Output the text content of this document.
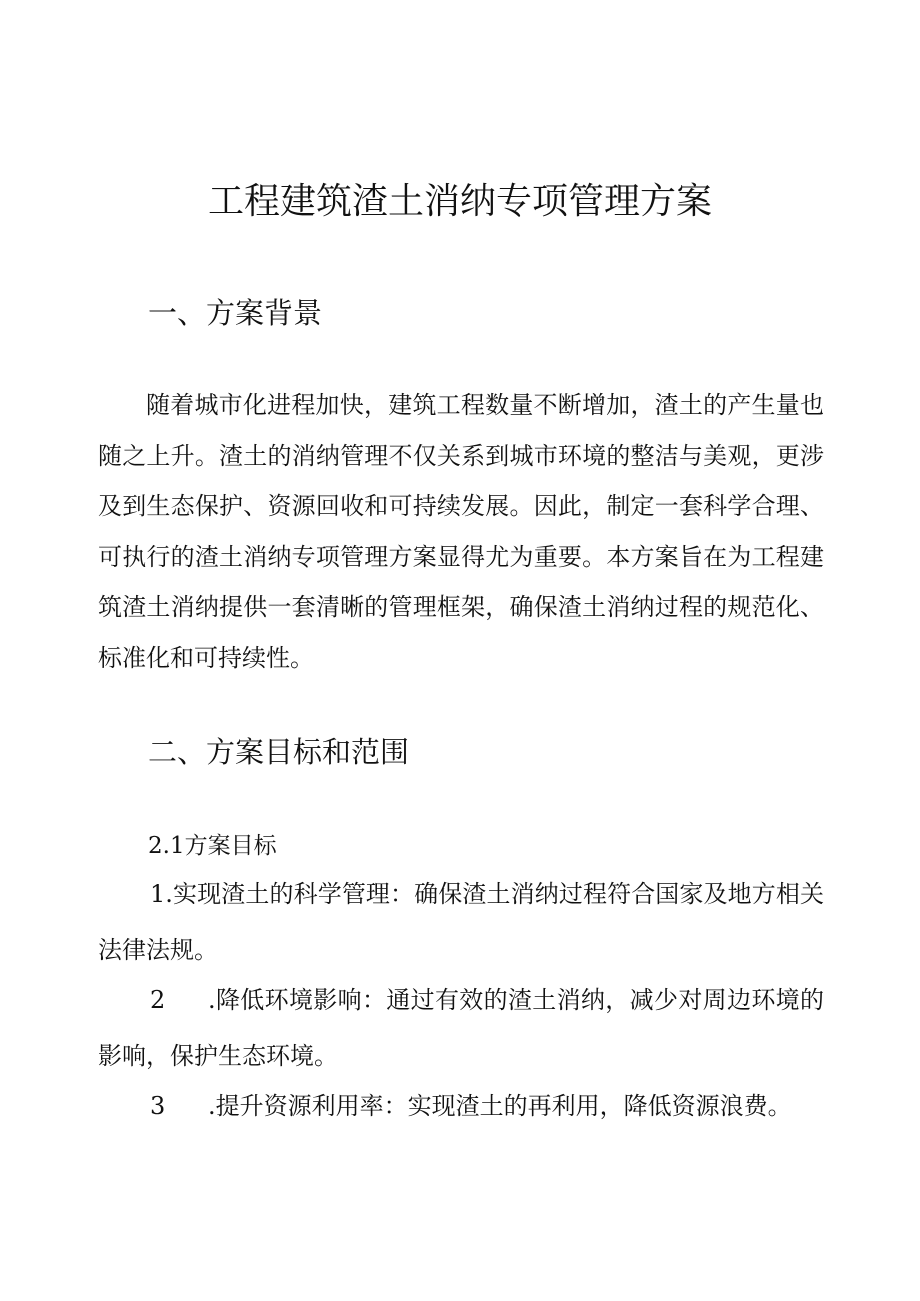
工程建筑渣土消纳专项管理方案
一、方案背景

随着城市化进程加快，建筑工程数量不断增加，渣土的产生量也随之上升。渣土的消纳管理不仅关系到城市环境的整洁与美观，更涉及到生态保护、资源回收和可持续发展。因此，制定一套科学合理、可执行的渣土消纳专项管理方案显得尤为重要。本方案旨在为工程建筑渣土消纳提供一套清晰的管理框架，确保渣土消纳过程的规范化、标准化和可持续性。

二、方案目标和范围

2.1方案目标

1.实现渣土的科学管理：确保渣土消纳过程符合国家及地方相关法律法规。

2 .降低环境影响：通过有效的渣土消纳，减少对周边环境的影响，保护生态环境。

3 .提升资源利用率：实现渣土的再利用，降低资源浪费。
